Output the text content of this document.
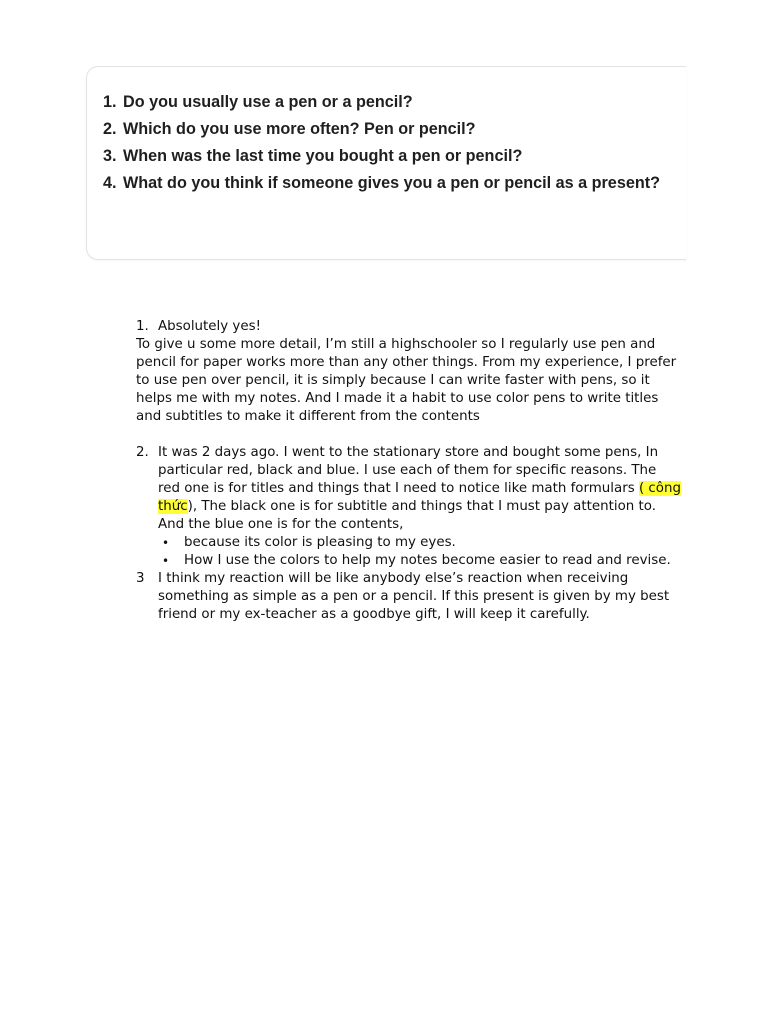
1. Do you usually use a pen or a pencil?
2. Which do you use more often? Pen or pencil?
3. When was the last time you bought a pen or pencil?
4. What do you think if someone gives you a pen or pencil as a present?
1. Absolutely yes!

To give u some more detail, I’m still a highschooler so I regularly use pen and pencil for paper works more than any other things. From my experience, I prefer to use pen over pencil, it is simply because I can write faster with pens, so it helps me with my notes. And I made it a habit to use color pens to write titles and subtitles to make it different from the contents

2. It was 2 days ago. I went to the stationary store and bought some pens, In particular red, black and blue. I use each of them for specific reasons. The red one is for titles and things that I need to notice like math formulars ( công thức), The black one is for subtitle and things that I must pay attention to. And the blue one is for the contents,
•	because its color is pleasing to my eyes.
•	How I use the colors to help my notes become easier to read and revise.
3	I think my reaction will be like anybody else’s reaction when receiving something as simple as a pen or a pencil. If this present is given by my best friend or my ex-teacher as a goodbye gift, I will keep it carefully.
